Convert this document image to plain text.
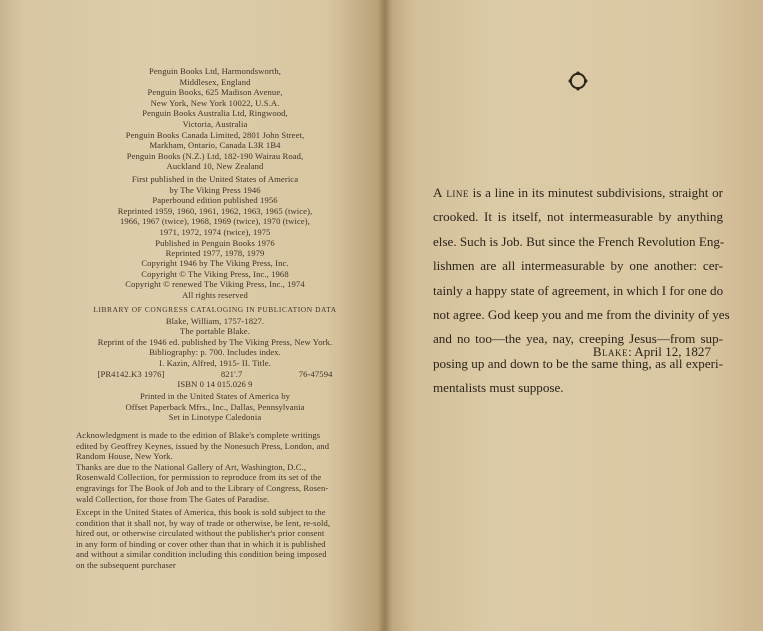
Penguin Books Ltd, Harmondsworth,
Middlesex, England
Penguin Books, 625 Madison Avenue,
New York, New York 10022, U.S.A.
Penguin Books Australia Ltd, Ringwood,
Victoria, Australia
Penguin Books Canada Limited, 2801 John Street,
Markham, Ontario, Canada L3R 1B4
Penguin Books (N.Z.) Ltd, 182-190 Wairau Road,
Auckland 10, New Zealand
First published in the United States of America
by The Viking Press 1946
Paperbound edition published 1956
Reprinted 1959, 1960, 1961, 1962, 1963, 1965 (twice),
1966, 1967 (twice), 1968, 1969 (twice), 1970 (twice),
1971, 1972, 1974 (twice), 1975
Published in Penguin Books 1976
Reprinted 1977, 1978, 1979
Copyright 1946 by The Viking Press, Inc.
Copyright © The Viking Press, Inc., 1968
Copyright © renewed The Viking Press, Inc., 1974
All rights reserved
LIBRARY OF CONGRESS CATALOGING IN PUBLICATION DATA
Blake, William, 1757-1827.
The portable Blake.
Reprint of the 1946 ed. published by The Viking Press, New York.
Bibliography: p. 700. Includes index.
I. Kazin, Alfred, 1915- II. Title.
[PR4142.K3 1976]	821'.7	76-47594
ISBN 0 14 015.026 9
Printed in the United States of America by
Offset Paperback Mfrs., Inc., Dallas, Pennsylvania
Set in Linotype Caledonia
Acknowledgment is made to the edition of Blake's complete writings
edited by Geoffrey Keynes, issued by the Nonesuch Press, London, and
Random House, New York.
Thanks are due to the National Gallery of Art, Washington, D.C.,
Rosenwald Collection, for permission to reproduce from its set of the
engravings for The Book of Job and to the Library of Congress, Rosen-
wald Collection, for those from The Gates of Paradise.
Except in the United States of America, this book is sold subject to the
condition that it shall not, by way of trade or otherwise, be lent, re-sold,
hired out, or otherwise circulated without the publisher's prior consent
in any form of binding or cover other than that in which it is published
and without a similar condition including this condition being imposed
on the subsequent purchaser
A line is a line in its minutest subdivisions, straight or
crooked. It is itself, not intermeasurable by anything
else. Such is Job. But since the French Revolution Eng-
lishmen are all intermeasurable by one another: cer-
tainly a happy state of agreement, in which I for one do
not agree. God keep you and me from the divinity of yes
and no too—the yea, nay, creeping Jesus—from sup-
posing up and down to be the same thing, as all experi-
mentalists must suppose.
Blake: April 12, 1827
